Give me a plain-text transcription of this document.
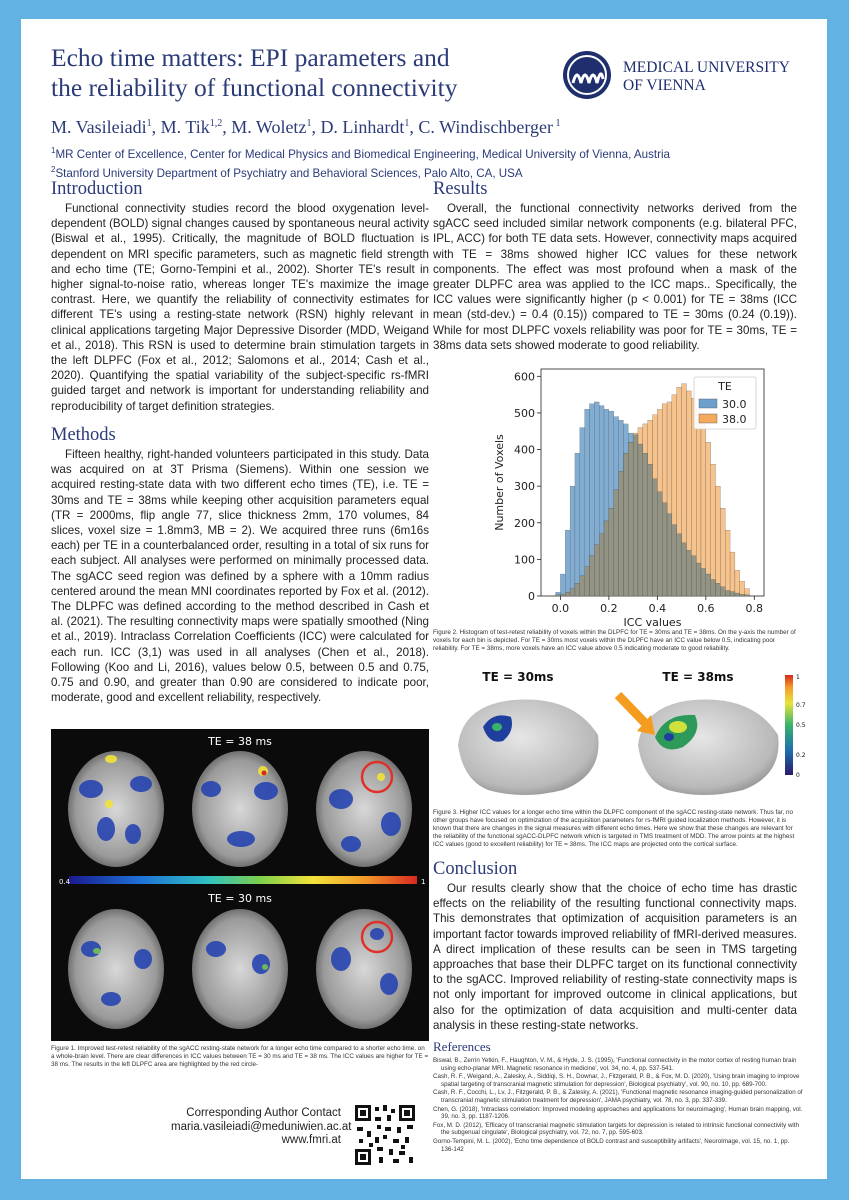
Echo time matters: EPI parameters and
the reliability of functional connectivity
MEDICAL UNIVERSITY
OF VIENNA
M. Vasileiadi$^1$, M. Tik$^{1,2}$, M. Woletz$^1$, D. Linhardt$^1$, C. Windischberger $^1$
$^1$MR Center of Excellence, Center for Medical Physics and Biomedical Engineering, Medical University of Vienna, Austria
$^2$Stanford University Department of Psychiatry and Behavioral Sciences, Palo Alto, CA, USA
Introduction
Functional connectivity studies record the blood oxygenation level-dependent (BOLD) signal changes caused by spontaneous neural activity (Biswal et al., 1995). Critically, the magnitude of BOLD fluctuation is dependent on MRI specific parameters, such as magnetic field strength and echo time (TE; Gorno-Tempini et al., 2002). Shorter TE's result in higher signal-to-noise ratio, whereas longer TE's maximize the image contrast. Here, we quantify the reliability of connectivity estimates for different TE's using a resting-state network (RSN) highly relevant in clinical applications targeting Major Depressive Disorder (MDD, Weigand et al., 2018). This RSN is used to determine brain stimulation targets in the left DLPFC (Fox et al., 2012; Salomons et al., 2014; Cash et al., 2020). Quantifying the spatial variability of the subject-specific rs-fMRI guided target and network is important for understanding reliability and reproducibility of target definition strategies.
Methods
Fifteen healthy, right-handed volunteers participated in this study. Data was acquired on at 3T Prisma (Siemens). Within one session we acquired resting-state data with two different echo times (TE), i.e. TE = 30ms and TE = 38ms while keeping other acquisition parameters equal (TR = 2000ms, flip angle 77, slice thickness 2mm, 170 volumes, 84 slices, voxel size = 1.8mm3, MB = 2). We acquired three runs (6m16s each) per TE in a counterbalanced order, resulting in a total of six runs for each subject. All analyses were performed on minimally processed data. The sgACC seed region was defined by a sphere with a 10mm radius centered around the mean MNI coordinates reported by Fox et al. (2012). The DLPFC was defined according to the method described in Cash et al. (2021). The resulting connectivity maps were spatially smoothed (Ning et al., 2019). Intraclass Correlation Coefficients (ICC) were calculated for each run. ICC (3,1) was used in all analyses (Chen et al., 2018). Following (Koo and Li, 2016), values below 0.5, between 0.5 and 0.75, 0.75 and 0.90, and greater than 0.90 are considered to indicate poor, moderate, good and excellent reliability, respectively.
TE = 38 ms
0.4	1
TE = 30 ms
Figure 1. Improved test-retest reliability of the sgACC resting-state network for a longer echo time compared to a shorter echo time. on a whole-brain level. There are clear differences in ICC values between TE = 30 ms and TE = 38 ms. The ICC values are higher for TE = 38 ms. The results in the left DLPFC area are highlighted by the red circle-
Corresponding Author Contact
maria.vasileiadi@meduniwien.ac.at
www.fmri.at
Results
Overall, the functional connectivity networks derived from the sgACC seed included similar network components (e.g. bilateral PFC, IPL, ACC) for both TE data sets. However, connectivity maps acquired with TE = 38ms showed higher ICC values for these network components. The effect was most profound when a mask of the greater DLPFC area was applied to the ICC maps.. Specifically, the ICC values were significantly higher (p < 0.001) for TE = 38ms (ICC mean (std-dev.) = 0.4 (0.15)) compared to TE = 30ms (0.24 (0.19)). While for most DLPFC voxels reliability was poor for TE = 30ms, TE = 38ms data sets showed moderate to good reliability.
0
100
200
300
400
500
600
0.0	0.2	0.4	0.6	0.8
ICC values
Number of Voxels
TE
30.0
38.0
Figure 2. Histogram of test-retest reliability of voxels within the DLPFC for TE = 30ms and TE = 38ms. On the y-axis the number of voxels for each bin is depicted. For TE = 30ms most voxels within the DLPFC have an ICC value below 0.5, indicating poor reliability. For TE = 38ms, more voxels have an ICC value above 0.5 indicating moderate to good reliability.
TE = 30ms	TE = 38ms	1
0.7
0.5
0.2
0
Figure 3. Higher ICC values for a longer echo time within the DLPFC component of the sgACC resting-state network. Thus far, no other groups have focused on optimization of the acquisition parameters for rs-fMRI guided localization methods. However, it is known that there are changes in the signal measures with different echo times. Here we show that these changes are relevant for the reliability of the functional sgACC-DLPFC network which is targeted in TMS treatment of MDD. The arrow points at the highest ICC values (good to excellent reliability) for TE = 38ms. The ICC maps are projected onto the cortical surface.
Conclusion
Our results clearly show that the choice of echo time has drastic effects on the reliability of the resulting functional connectivity maps. This demonstrates that optimization of acquisition parameters is an important factor towards improved reliability of fMRI-derived measures. A direct implication of these results can be seen in TMS targeting approaches that base their DLPFC target on its functional connectivity to the sgACC. Improved reliability of resting-state connectivity maps is not only important for improved outcome in clinical applications, but also for the optimization of data acquisition and multi-center data analysis in these resting-state networks.
References
Biswal, B., Zerrin Yetkin, F., Haughton, V. M., & Hyde, J. S. (1995), 'Functional connectivity in the motor cortex of resting human brain using echo-planar MRI. Magnetic resonance in medicine', vol. 34, no. 4, pp. 537-541.
Cash, R. F., Weigand, A., Zalesky, A., Siddiqi, S. H., Downar, J., Fitzgerald, P. B., & Fox, M. D. (2020), 'Using brain imaging to improve spatial targeting of transcranial magnetic stimulation for depression', Biological psychiatry', vol. 90, no. 10, pp. 689-700.
Cash, R. F., Cocchi, L., Lv, J., Fitzgerald, P. B., & Zalesky, A. (2021), 'Functional magnetic resonance imaging-guided personalization of transcranial magnetic stimulation treatment for depression', JAMA psychiatry, vol. 78, no. 3, pp. 337-339.
Chen, G. (2018), 'Intraclass correlation: Improved modeling approaches and applications for neuroimaging', Human brain mapping, vol. 39, no. 3, pp. 1187-1206.
Fox, M. D. (2012), 'Efficacy of transcranial magnetic stimulation targets for depression is related to intrinsic functional connectivity with the subgenual cingulate', Biological psychiatry, vol. 72, no. 7, pp. 595-603.
Gorno-Tempini, M. L. (2002), 'Echo time dependence of BOLD contrast and susceptibility artifacts', NeuroImage, vol. 15, no. 1, pp. 136-142
